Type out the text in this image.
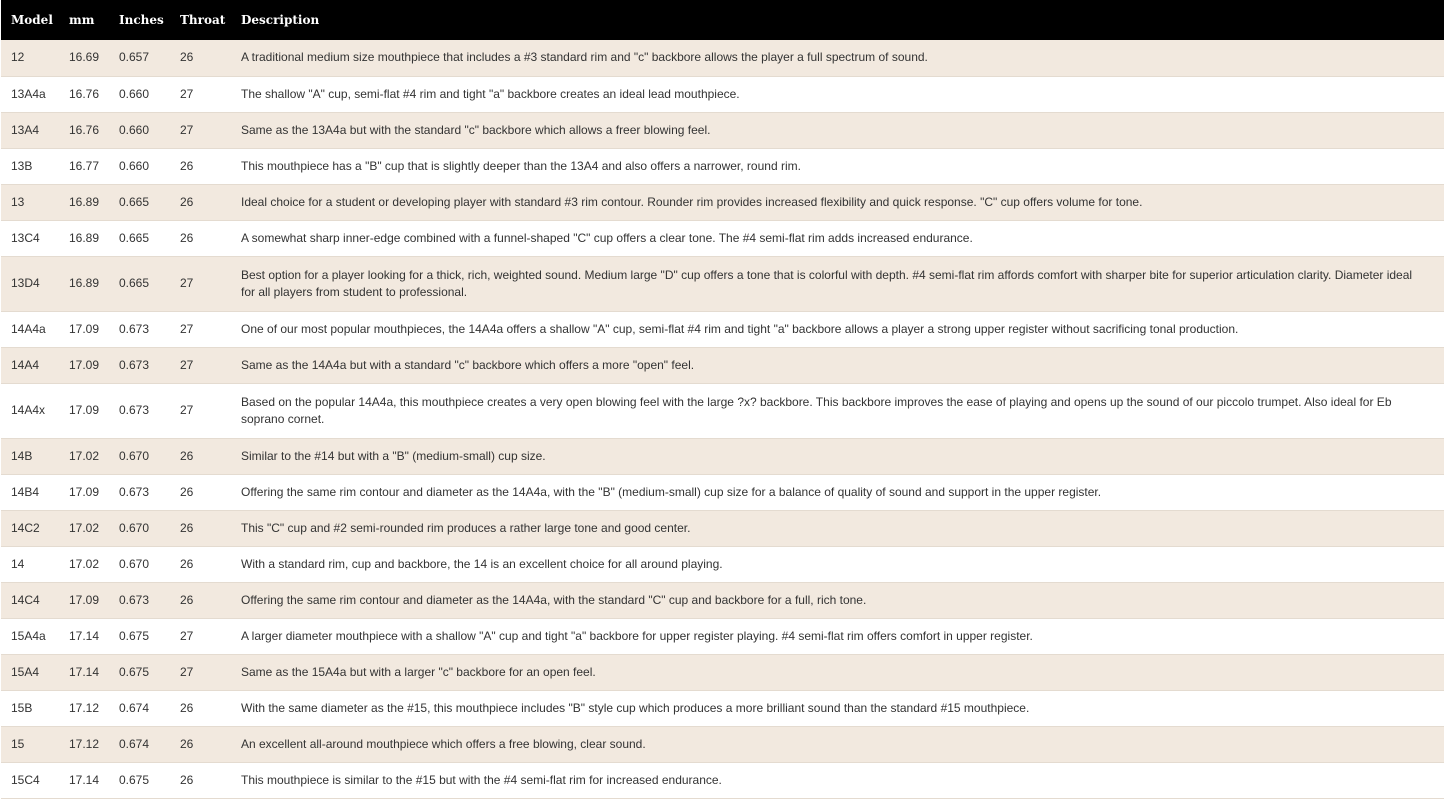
Model	mm	Inches	Throat	Description
12	16.69	0.657	26	A traditional medium size mouthpiece that includes a #3 standard rim and "c" backbore allows the player a full spectrum of sound.
13A4a	16.76	0.660	27	The shallow "A" cup, semi-flat #4 rim and tight "a" backbore creates an ideal lead mouthpiece.
13A4	16.76	0.660	27	Same as the 13A4a but with the standard "c" backbore which allows a freer blowing feel.
13B	16.77	0.660	26	This mouthpiece has a "B" cup that is slightly deeper than the 13A4 and also offers a narrower, round rim.
13	16.89	0.665	26	Ideal choice for a student or developing player with standard #3 rim contour. Rounder rim provides increased flexibility and quick response. "C" cup offers volume for tone.
13C4	16.89	0.665	26	A somewhat sharp inner-edge combined with a funnel-shaped "C" cup offers a clear tone. The #4 semi-flat rim adds increased endurance.
13D4	16.89	0.665	27	Best option for a player looking for a thick, rich, weighted sound. Medium large "D" cup offers a tone that is colorful with depth. #4 semi-flat rim affords comfort with sharper bite for superior articulation clarity. Diameter ideal for all players from student to professional.
14A4a	17.09	0.673	27	One of our most popular mouthpieces, the 14A4a offers a shallow "A" cup, semi-flat #4 rim and tight "a" backbore allows a player a strong upper register without sacrificing tonal production.
14A4	17.09	0.673	27	Same as the 14A4a but with a standard "c" backbore which offers a more "open" feel.
14A4x	17.09	0.673	27	Based on the popular 14A4a, this mouthpiece creates a very open blowing feel with the large ?x? backbore. This backbore improves the ease of playing and opens up the sound of our piccolo trumpet. Also ideal for Eb soprano cornet.
14B	17.02	0.670	26	Similar to the #14 but with a "B" (medium-small) cup size.
14B4	17.09	0.673	26	Offering the same rim contour and diameter as the 14A4a, with the "B" (medium-small) cup size for a balance of quality of sound and support in the upper register.
14C2	17.02	0.670	26	This "C" cup and #2 semi-rounded rim produces a rather large tone and good center.
14	17.02	0.670	26	With a standard rim, cup and backbore, the 14 is an excellent choice for all around playing.
14C4	17.09	0.673	26	Offering the same rim contour and diameter as the 14A4a, with the standard "C" cup and backbore for a full, rich tone.
15A4a	17.14	0.675	27	A larger diameter mouthpiece with a shallow "A" cup and tight "a" backbore for upper register playing. #4 semi-flat rim offers comfort in upper register.
15A4	17.14	0.675	27	Same as the 15A4a but with a larger "c" backbore for an open feel.
15B	17.12	0.674	26	With the same diameter as the #15, this mouthpiece includes "B" style cup which produces a more brilliant sound than the standard #15 mouthpiece.
15	17.12	0.674	26	An excellent all-around mouthpiece which offers a free blowing, clear sound.
15C4	17.14	0.675	26	This mouthpiece is similar to the #15 but with the #4 semi-flat rim for increased endurance.
